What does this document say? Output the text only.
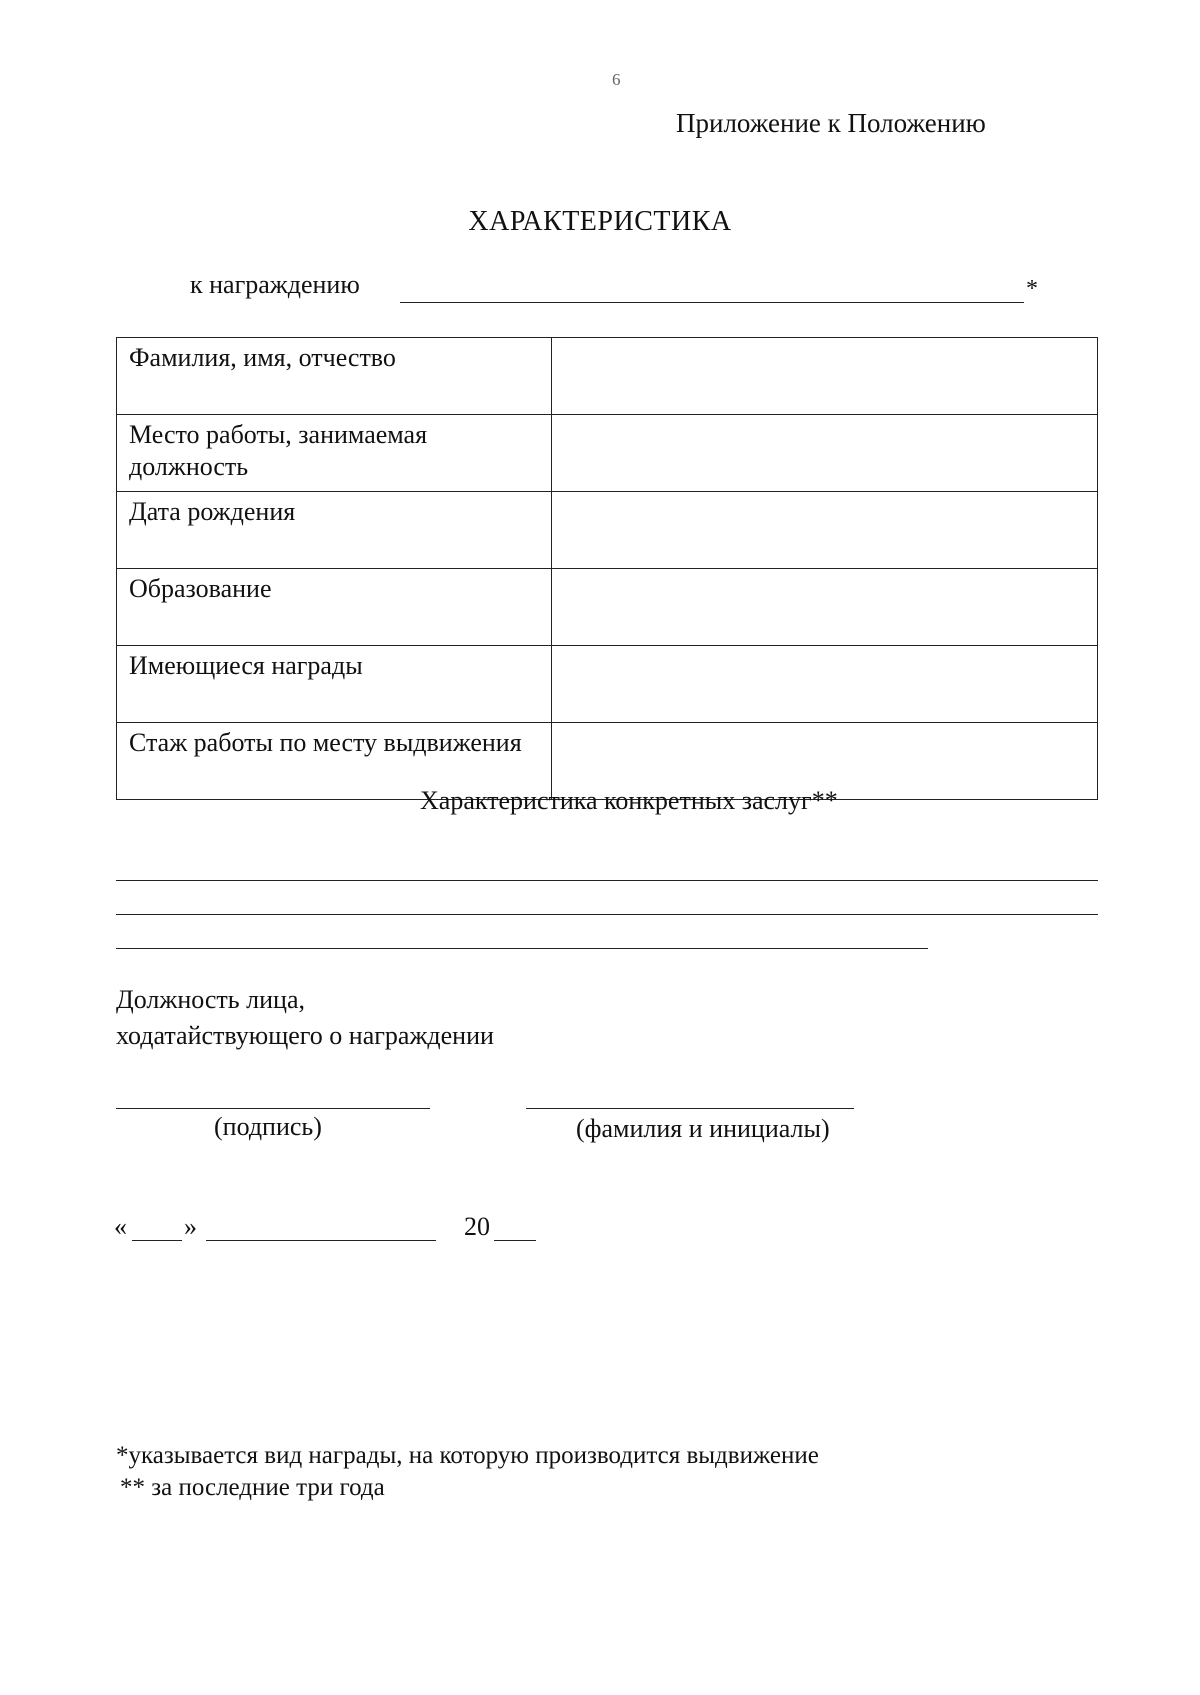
6
Приложение к Положению
ХАРАКТЕРИСТИКА
к награждению	*
Фамилия, имя, отчество	
Место работы, занимаемая должность	
Дата рождения	
Образование	
Имеющиеся награды	
Стаж работы по месту выдвижения	
Характеристика конкретных заслуг**
Должность лица,
ходатайствующего о награждении
(подпись)	(фамилия и инициалы)
« »	20
*указывается вид награды, на которую производится выдвижение
** за последние три года
